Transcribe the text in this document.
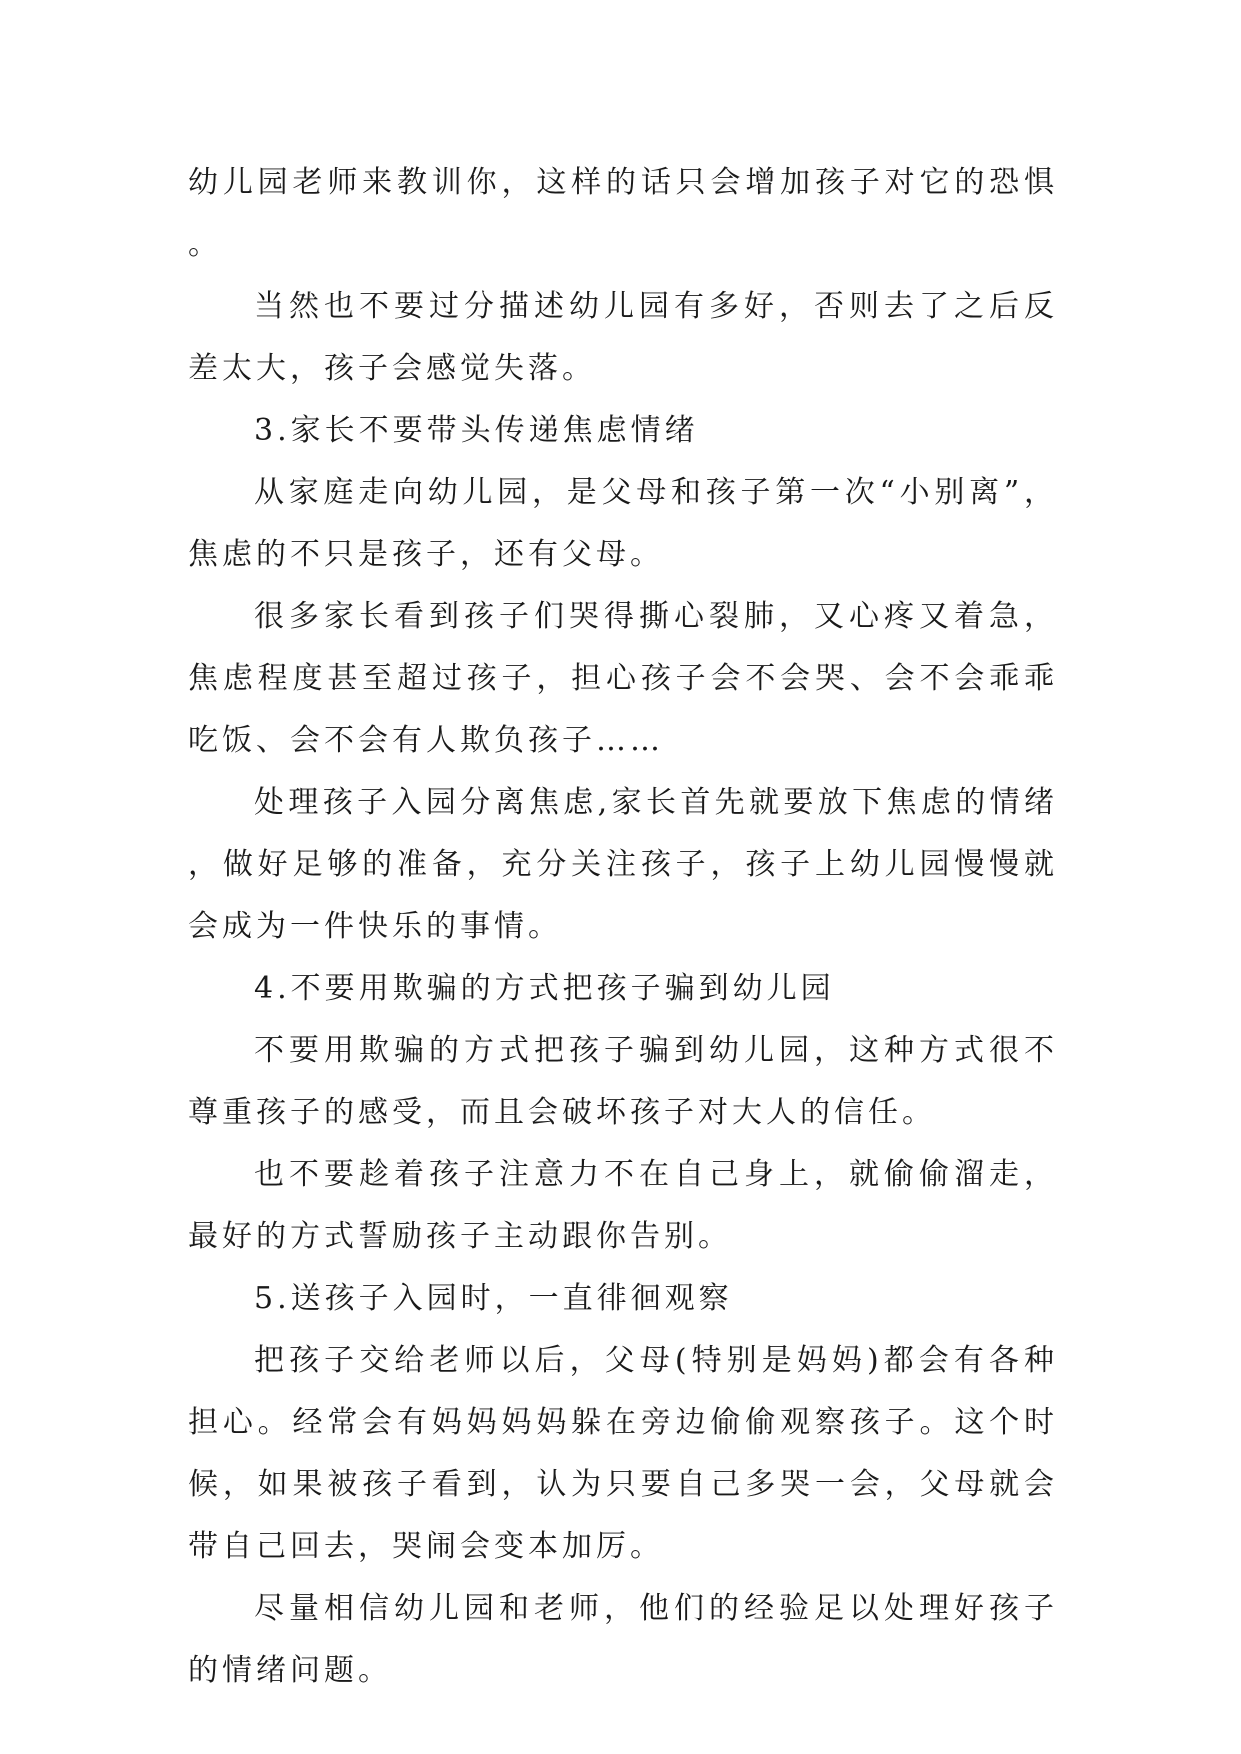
幼儿园老师来教训你，这样的话只会增加孩子对它的恐惧。

当然也不要过分描述幼儿园有多好，否则去了之后反差太大，孩子会感觉失落。

3.家长不要带头传递焦虑情绪

从家庭走向幼儿园，是父母和孩子第一次“小别离”，焦虑的不只是孩子，还有父母。

很多家长看到孩子们哭得撕心裂肺，又心疼又着急，焦虑程度甚至超过孩子，担心孩子会不会哭、会不会乖乖吃饭、会不会有人欺负孩子……

处理孩子入园分离焦虑,家长首先就要放下焦虑的情绪，做好足够的准备，充分关注孩子，孩子上幼儿园慢慢就会成为一件快乐的事情。

4.不要用欺骗的方式把孩子骗到幼儿园

不要用欺骗的方式把孩子骗到幼儿园，这种方式很不尊重孩子的感受，而且会破坏孩子对大人的信任。

也不要趁着孩子注意力不在自己身上，就偷偷溜走，最好的方式誓励孩子主动跟你告别。

5.送孩子入园时，一直徘徊观察

把孩子交给老师以后，父母(特别是妈妈)都会有各种担心。经常会有妈妈妈妈躲在旁边偷偷观察孩子。这个时候，如果被孩子看到，认为只要自己多哭一会，父母就会带自己回去，哭闹会变本加厉。

尽量相信幼儿园和老师，他们的经验足以处理好孩子的情绪问题。
